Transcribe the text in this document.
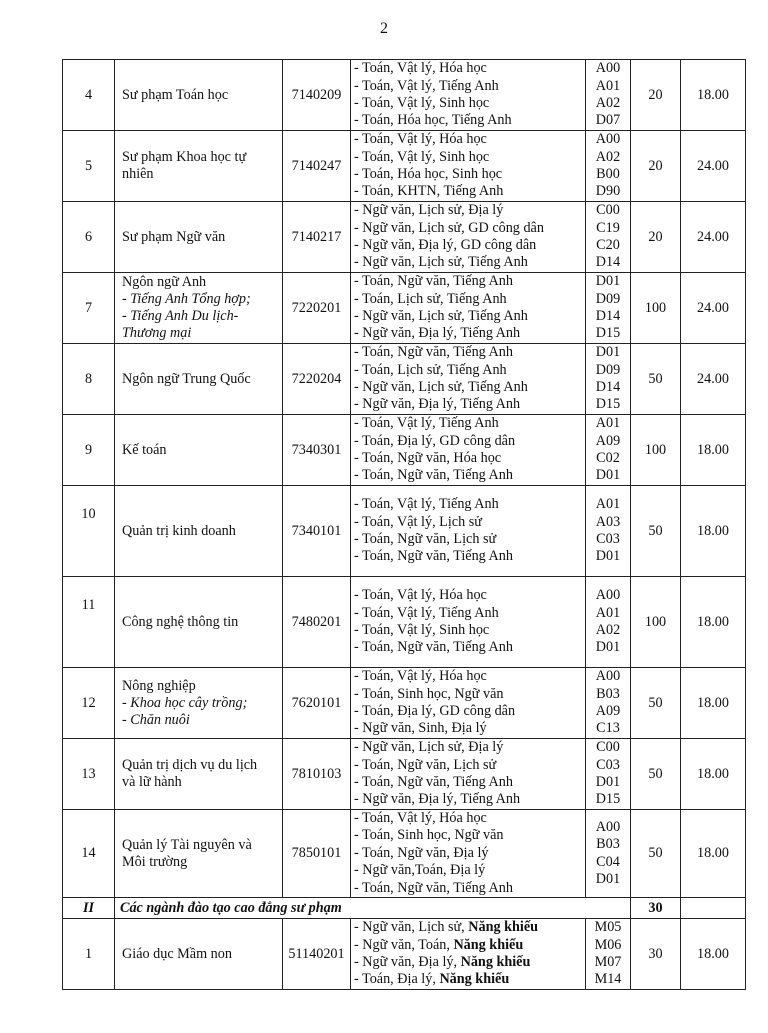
2
4	Sư phạm Toán học	7140209	- Toán, Vật lý, Hóa học
- Toán, Vật lý, Tiếng Anh
- Toán, Vật lý, Sinh học
- Toán, Hóa học, Tiếng Anh	A00
A01
A02
D07	20	18.00
5	Sư phạm Khoa học tự
nhiên	7140247	- Toán, Vật lý, Hóa học
- Toán, Vật lý, Sinh học
- Toán, Hóa học, Sinh học
- Toán, KHTN, Tiếng Anh	A00
A02
B00
D90	20	24.00
6	Sư phạm Ngữ văn	7140217	- Ngữ văn, Lịch sử, Địa lý
- Ngữ văn, Lịch sử, GD công dân
- Ngữ văn, Địa lý, GD công dân
- Ngữ văn, Lịch sử, Tiếng Anh	C00
C19
C20
D14	20	24.00
7	Ngôn ngữ Anh
- Tiếng Anh Tổng hợp;
- Tiếng Anh Du lịch-
Thương mại	7220201	- Toán, Ngữ văn, Tiếng Anh
- Toán, Lịch sử, Tiếng Anh
- Ngữ văn, Lịch sử, Tiếng Anh
- Ngữ văn, Địa lý, Tiếng Anh	D01
D09
D14
D15	100	24.00
8	Ngôn ngữ Trung Quốc	7220204	- Toán, Ngữ văn, Tiếng Anh
- Toán, Lịch sử, Tiếng Anh
- Ngữ văn, Lịch sử, Tiếng Anh
- Ngữ văn, Địa lý, Tiếng Anh	D01
D09
D14
D15	50	24.00
9	Kế toán	7340301	- Toán, Vật lý, Tiếng Anh
- Toán, Địa lý, GD công dân
- Toán, Ngữ văn, Hóa học
- Toán, Ngữ văn, Tiếng Anh	A01
A09
C02
D01	100	18.00
10	Quản trị kinh doanh	7340101	- Toán, Vật lý, Tiếng Anh
- Toán, Vật lý, Lịch sử
- Toán, Ngữ văn, Lịch sử
- Toán, Ngữ văn, Tiếng Anh	A01
A03
C03
D01	50	18.00
11	Công nghệ thông tin	7480201	- Toán, Vật lý, Hóa học
- Toán, Vật lý, Tiếng Anh
- Toán, Vật lý, Sinh học
- Toán, Ngữ văn, Tiếng Anh	A00
A01
A02
D01	100	18.00
12	Nông nghiệp
- Khoa học cây trồng;
- Chăn nuôi	7620101	- Toán, Vật lý, Hóa học
- Toán, Sinh học, Ngữ văn
- Toán, Địa lý, GD công dân
- Ngữ văn, Sinh, Địa lý	A00
B03
A09
C13	50	18.00
13	Quản trị dịch vụ du lịch
và lữ hành	7810103	- Ngữ văn, Lịch sử, Địa lý
- Toán, Ngữ văn, Lịch sử
- Toán, Ngữ văn, Tiếng Anh
- Ngữ văn, Địa lý, Tiếng Anh	C00
C03
D01
D15	50	18.00
14	Quản lý Tài nguyên và
Môi trường	7850101	- Toán, Vật lý, Hóa học
- Toán, Sinh học, Ngữ văn
- Toán, Ngữ văn, Địa lý
- Ngữ văn,Toán, Địa lý
- Toán, Ngữ văn, Tiếng Anh	A00
B03
C04
D01	50	18.00
II	Các ngành đào tạo cao đẳng sư phạm				30	
1	Giáo dục Mầm non	51140201	- Ngữ văn, Lịch sử, Năng khiếu
- Ngữ văn, Toán, Năng khiếu
- Ngữ văn, Địa lý, Năng khiếu
- Toán, Địa lý, Năng khiếu	M05
M06
M07
M14	30	18.00
